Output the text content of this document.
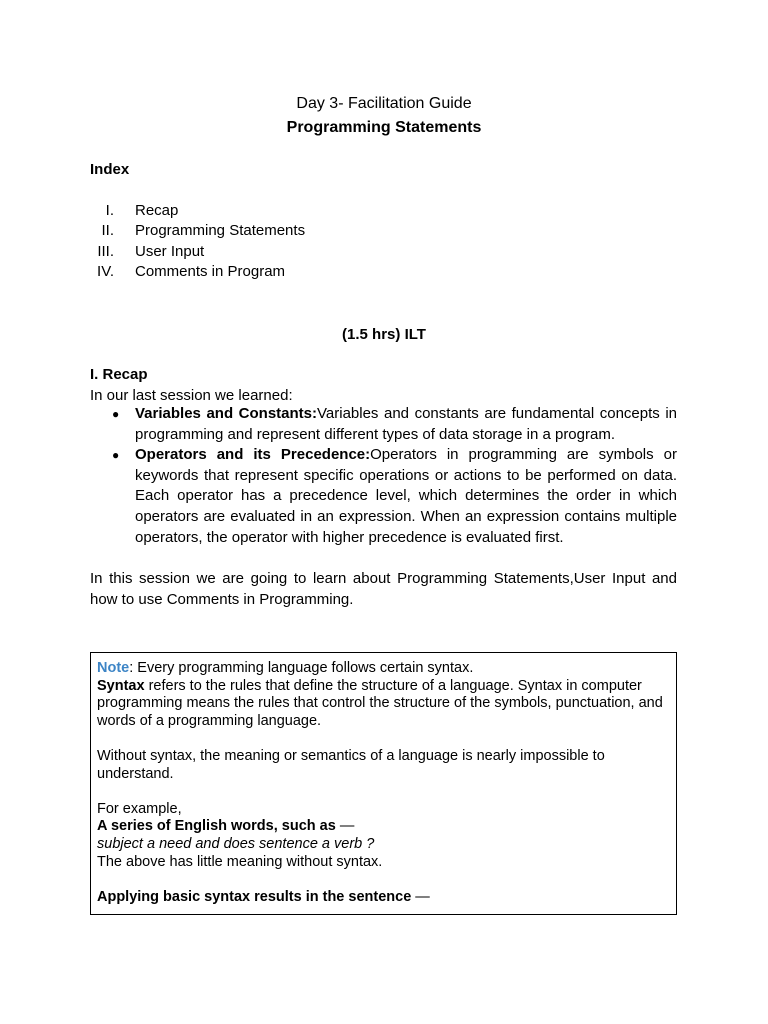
Day 3- Facilitation Guide
Programming Statements
Index
I. Recap
II. Programming Statements
III. User Input
IV. Comments in Program
(1.5 hrs) ILT
I. Recap
In our last session we learned:
● Variables and Constants:Variables and constants are fundamental concepts in programming and represent different types of data storage in a program.
● Operators and its Precedence:Operators in programming are symbols or keywords that represent specific operations or actions to be performed on data. Each operator has a precedence level, which determines the order in which operators are evaluated in an expression. When an expression contains multiple operators, the operator with higher precedence is evaluated first.
In this session we are going to learn about Programming Statements,User Input and how to use Comments in Programming.

Note: Every programming language follows certain syntax.

Syntax refers to the rules that define the structure of a language. Syntax in computer programming means the rules that control the structure of the symbols, punctuation, and words of a programming language.

Without syntax, the meaning or semantics of a language is nearly impossible to understand.

For example,

A series of English words, such as —

subject a need and does sentence a verb ?

The above has little meaning without syntax.

Applying basic syntax results in the sentence —
